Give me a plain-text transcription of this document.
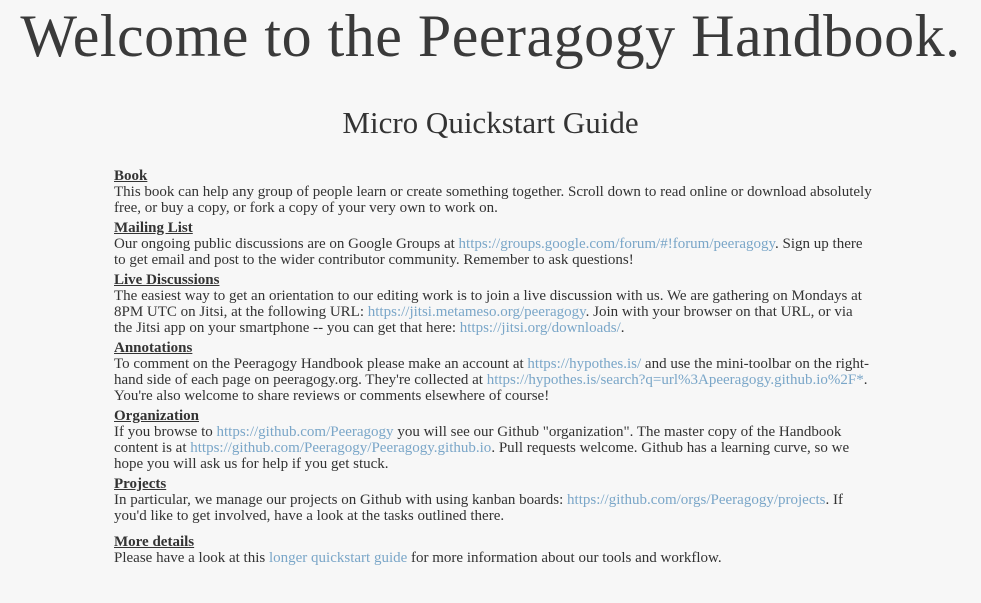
Welcome to the Peeragogy Handbook.
Micro Quickstart Guide
Book

This book can help any group of people learn or create something together. Scroll down to read online or download absolutely free, or buy a copy, or fork a copy of your very own to work on.

Mailing List

Our ongoing public discussions are on Google Groups at https://groups.google.com/forum/#!forum/peeragogy. Sign up there to get email and post to the wider contributor community. Remember to ask questions!

Live Discussions

The easiest way to get an orientation to our editing work is to join a live discussion with us. We are gathering on Mondays at 8PM UTC on Jitsi, at the following URL: https://jitsi.metameso.org/peeragogy. Join with your browser on that URL, or via the Jitsi app on your smartphone -- you can get that here: https://jitsi.org/downloads/.

Annotations

To comment on the Peeragogy Handbook please make an account at https://hypothes.is/ and use the mini-toolbar on the right-hand side of each page on peeragogy.org. They're collected at https://hypothes.is/search?q=url%3Apeeragogy.github.io%2F*. You're also welcome to share reviews or comments elsewhere of course!

Organization

If you browse to https://github.com/Peeragogy you will see our Github "organization". The master copy of the Handbook content is at https://github.com/Peeragogy/Peeragogy.github.io. Pull requests welcome. Github has a learning curve, so we hope you will ask us for help if you get stuck.

Projects

In particular, we manage our projects on Github with using kanban boards: https://github.com/orgs/Peeragogy/projects. If you'd like to get involved, have a look at the tasks outlined there.

More details

Please have a look at this longer quickstart guide for more information about our tools and workflow.
